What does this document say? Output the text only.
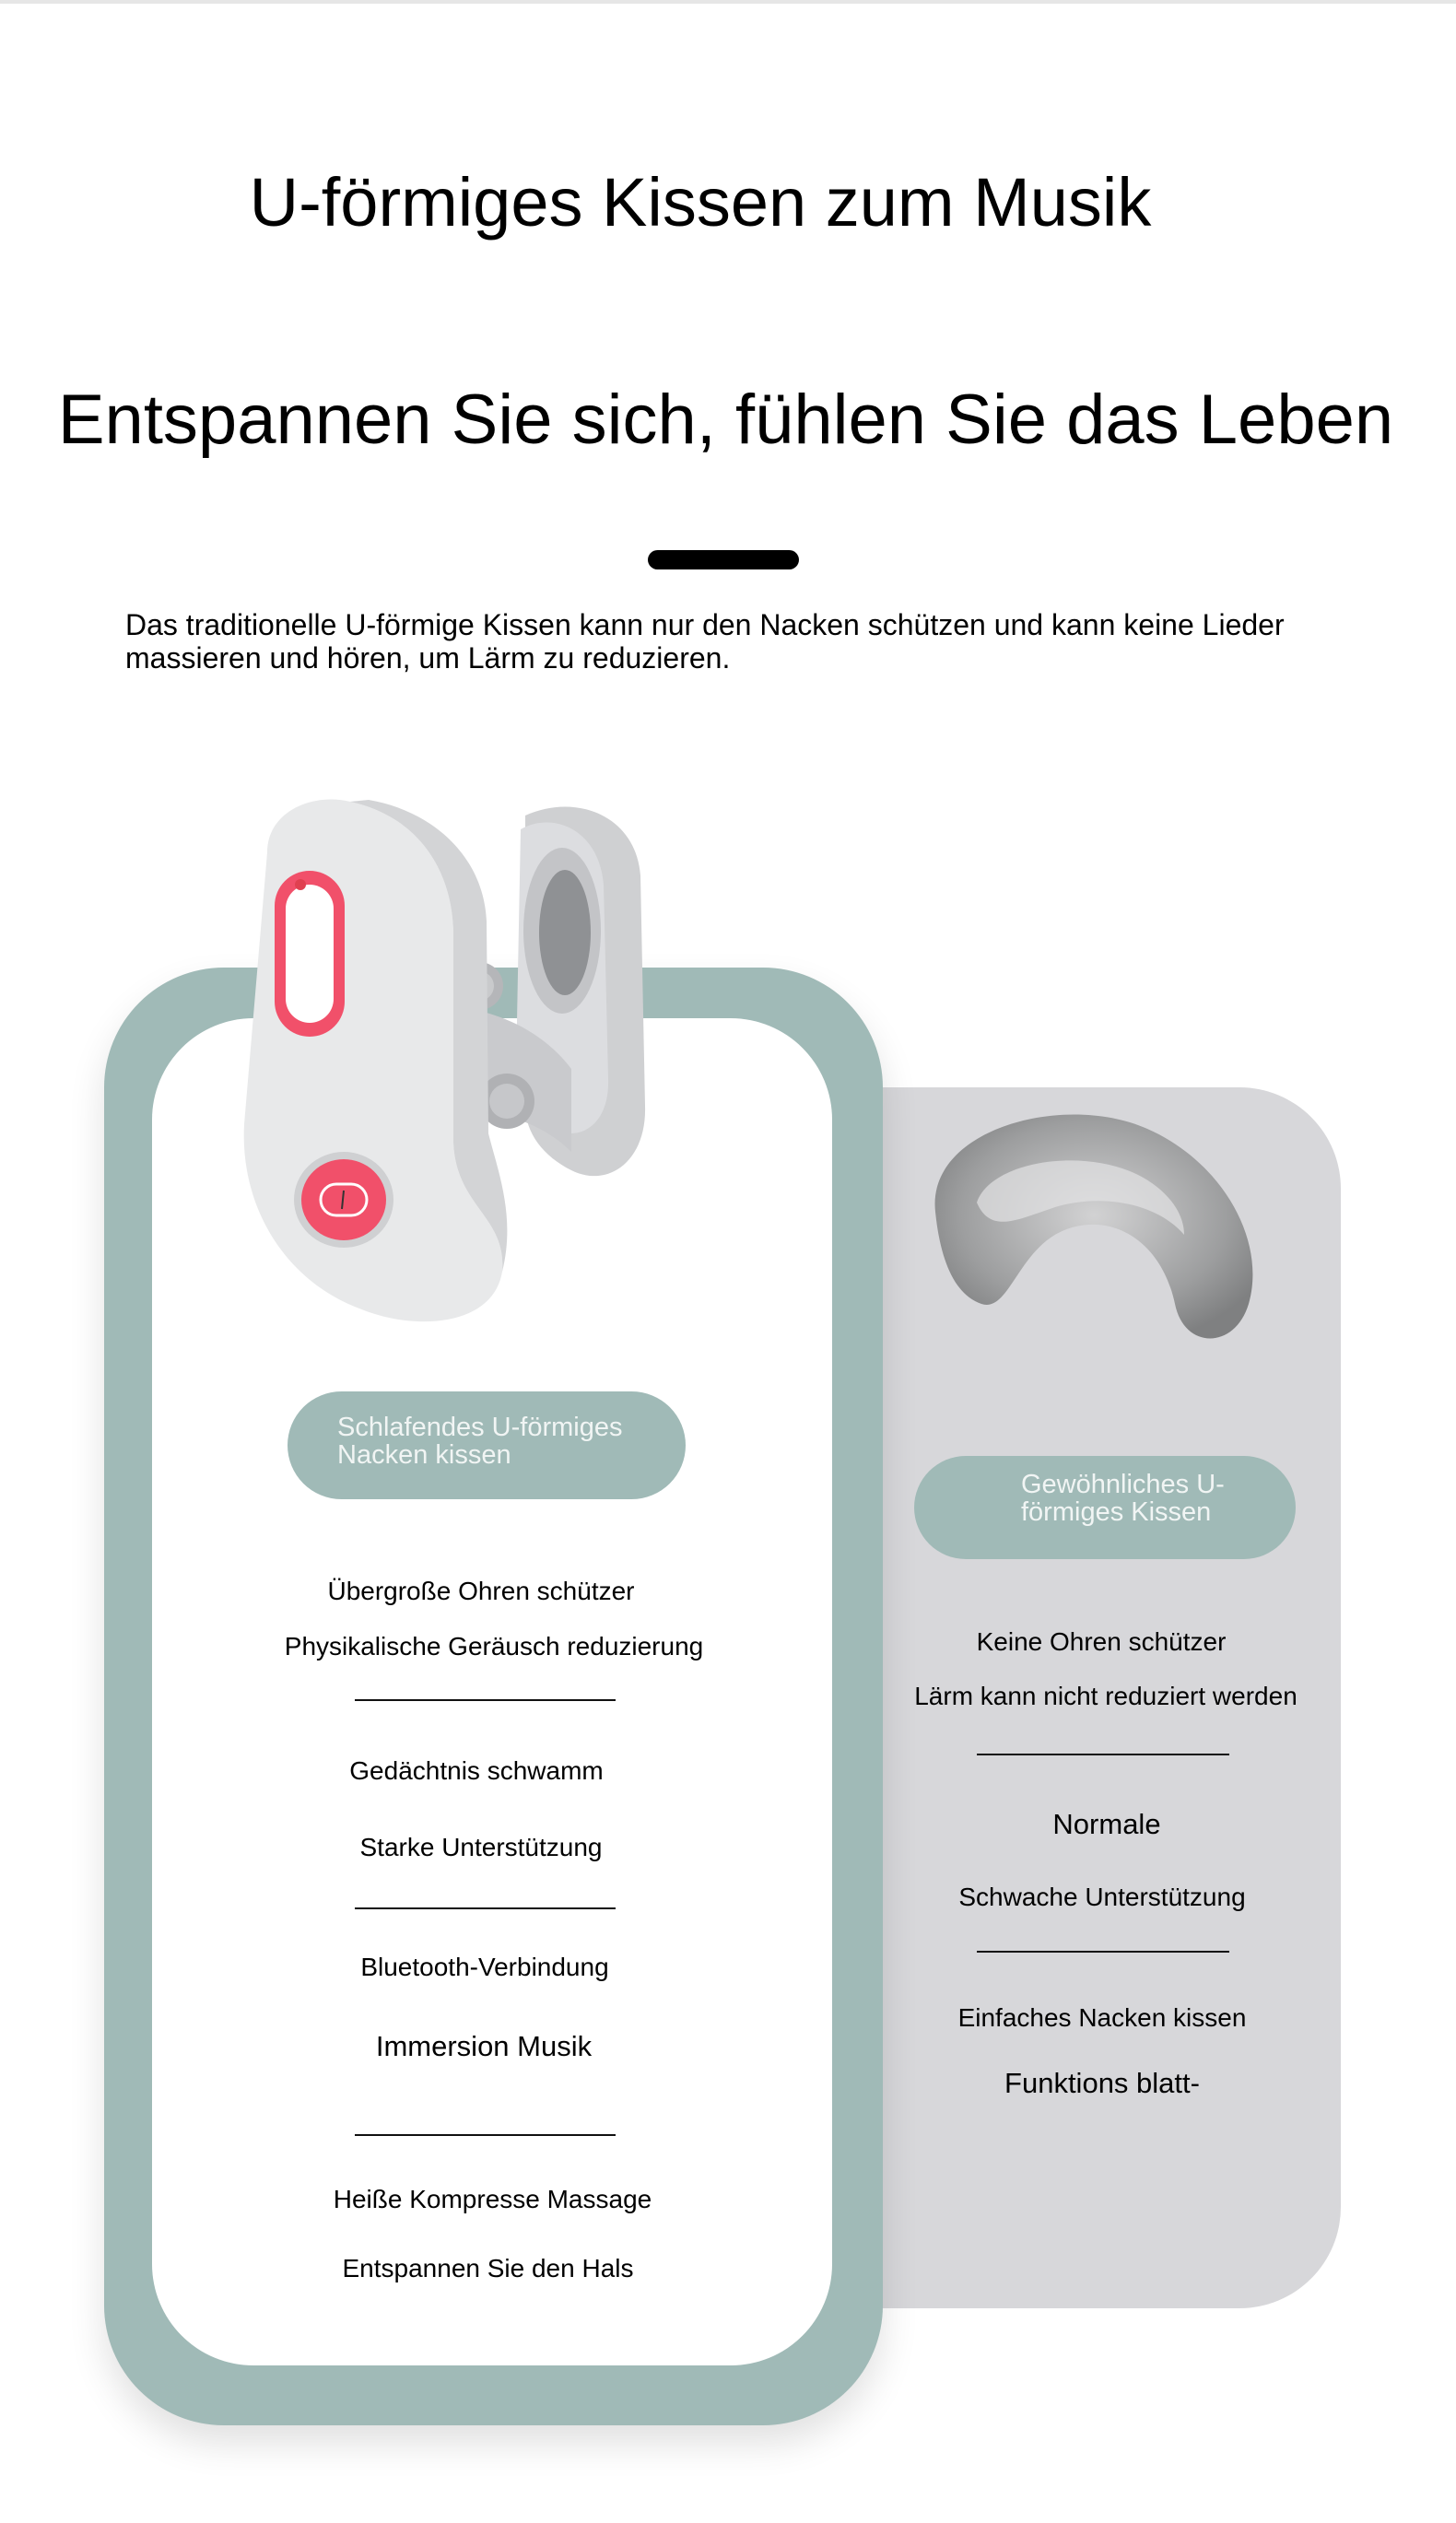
U-förmiges Kissen zum Musik
Entspannen Sie sich, fühlen Sie das Leben
Das traditionelle U-förmige Kissen kann nur den Nacken schützen und kann keine Lieder massieren und hören, um Lärm zu reduzieren.
Schlafendes U-förmiges Nacken kissen
Übergroße Ohren schützer
Physikalische Geräusch reduzierung
Gedächtnis schwamm
Starke Unterstützung
Bluetooth-Verbindung
Immersion Musik
Heiße Kompresse Massage
Entspannen Sie den Hals
Gewöhnliches U-förmiges Kissen
Keine Ohren schützer
Lärm kann nicht reduziert werden
Normale
Schwache Unterstützung
Einfaches Nacken kissen
Funktions blatt-
